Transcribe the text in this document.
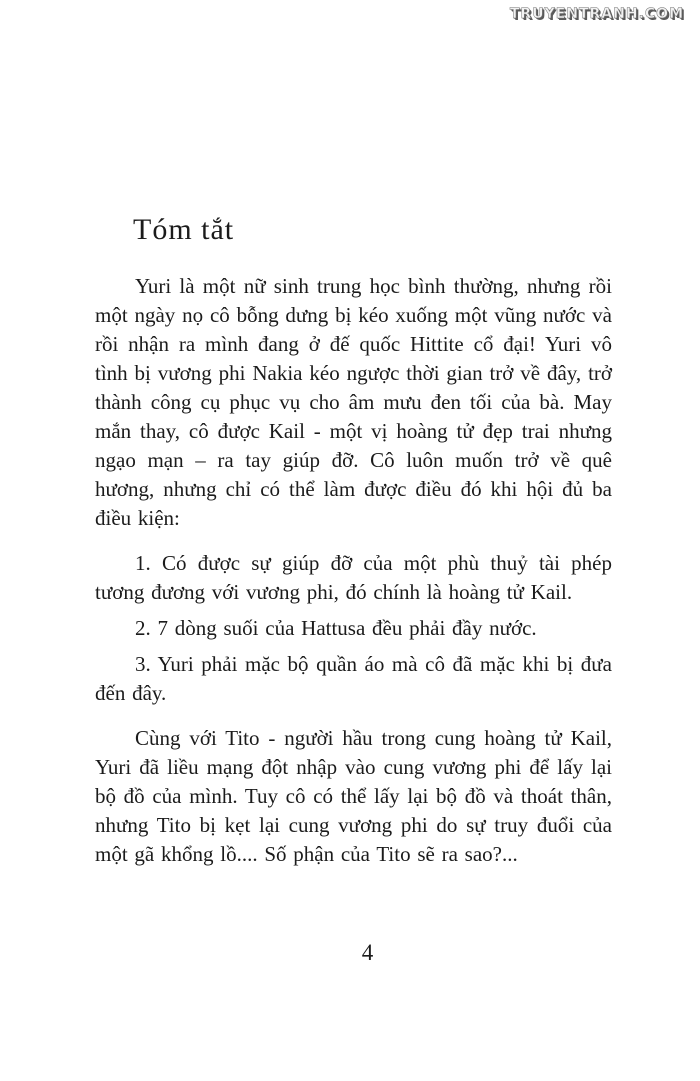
TRUYENTRANH.COM
Tóm tắt

Yuri là một nữ sinh trung học bình thường, nhưng rồi một ngày nọ cô bỗng dưng bị kéo xuống một vũng nước và rồi nhận ra mình đang ở đế quốc Hittite cổ đại! Yuri vô tình bị vương phi Nakia kéo ngược thời gian trở về đây, trở thành công cụ phục vụ cho âm mưu đen tối của bà. May mắn thay, cô được Kail - một vị hoàng tử đẹp trai nhưng ngạo mạn – ra tay giúp đỡ. Cô luôn muốn trở về quê hương, nhưng chỉ có thể làm được điều đó khi hội đủ ba điều kiện:

1. Có được sự giúp đỡ của một phù thuỷ tài phép tương đương với vương phi, đó chính là hoàng tử Kail.

2. 7 dòng suối của Hattusa đều phải đầy nước.

3. Yuri phải mặc bộ quần áo mà cô đã mặc khi bị đưa đến đây.

Cùng với Tito - người hầu trong cung hoàng tử Kail, Yuri đã liều mạng đột nhập vào cung vương phi để lấy lại bộ đồ của mình. Tuy cô có thể lấy lại bộ đồ và thoát thân, nhưng Tito bị kẹt lại cung vương phi do sự truy đuổi của một gã khổng lồ.... Số phận của Tito sẽ ra sao?...

4
